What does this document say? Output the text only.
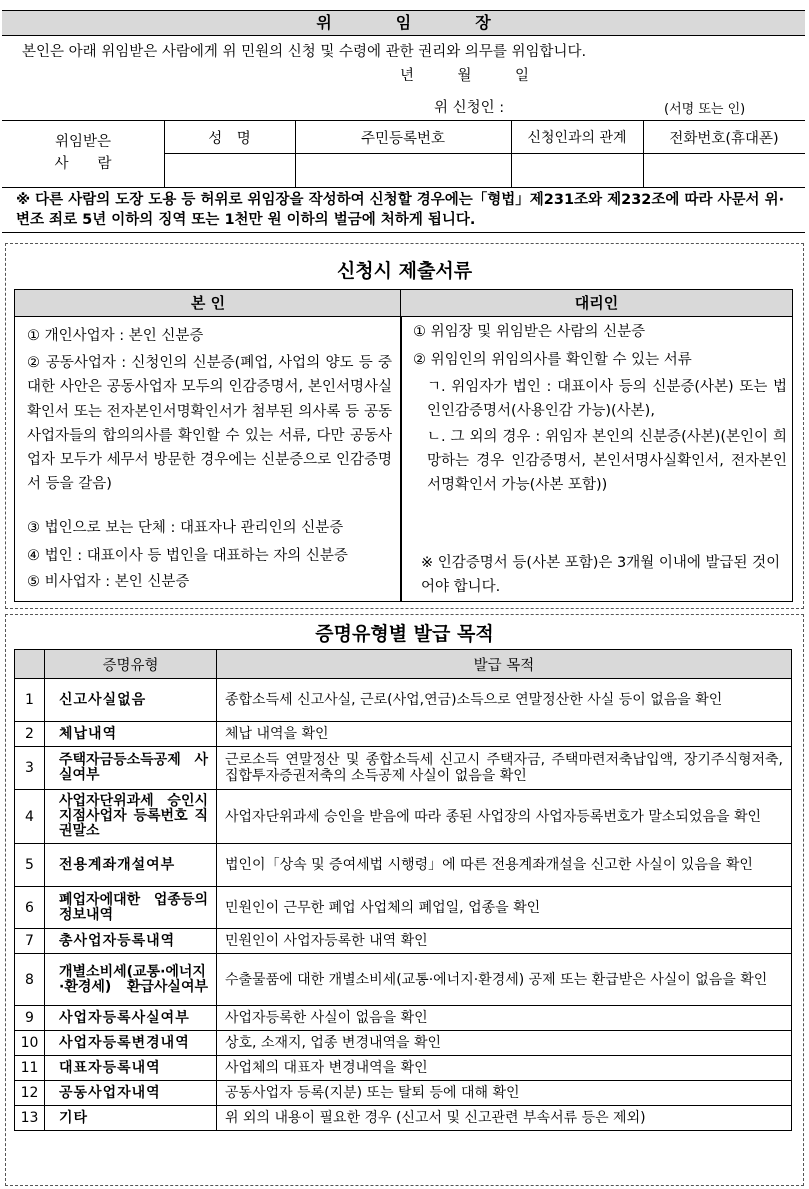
위　　　　임　　　　장
본인은 아래 위임받은 사람에게 위 민원의 신청 및 수령에 관한 권리와 의무를 위임합니다.
년　　　월　　　일
위 신청인 :	(서명 또는 인)
위임받은
사　　람
성　명	주민등록번호	신청인과의 관계	전화번호(휴대폰)
※ 다른 사람의 도장 도용 등 허위로 위임장을 작성하여 신청할 경우에는「형법」제231조와 제232조에 따라 사문서 위·변조 죄로 5년 이하의 징역 또는 1천만 원 이하의 벌금에 처하게 됩니다.
신청시 제출서류
본 인	대리인
① 개인사업자 : 본인 신분증
② 공동사업자 : 신청인의 신분증(폐업, 사업의 양도 등 중대한 사안은 공동사업자 모두의 인감증명서, 본인서명사실확인서 또는 전자본인서명확인서가 첨부된 의사록 등 공동사업자들의 합의의사를 확인할 수 있는 서류, 다만 공동사업자 모두가 세무서 방문한 경우에는 신분증으로 인감증명서 등을 갈음)
③ 법인으로 보는 단체 : 대표자나 관리인의 신분증
④ 법인 : 대표이사 등 법인을 대표하는 자의 신분증
⑤ 비사업자 : 본인 신분증
① 위임장 및 위임받은 사람의 신분증
② 위임인의 위임의사를 확인할 수 있는 서류
ㄱ. 위임자가 법인 : 대표이사 등의 신분증(사본) 또는 법인인감증명서(사용인감 가능)(사본),
ㄴ. 그 외의 경우 : 위임자 본인의 신분증(사본)(본인이 희망하는 경우 인감증명서, 본인서명사실확인서, 전자본인서명확인서 가능(사본 포함))
※ 인감증명서 등(사본 포함)은 3개월 이내에 발급된 것이어야 합니다.
증명유형별 발급 목적
	증명유형	발급 목적
1	신고사실없음	종합소득세 신고사실, 근로(사업,연금)소득으로 연말정산한 사실 등이 없음을 확인
2	체납내역	체납 내역을 확인
3	주택자금등소득공제 사실여부	근로소득 연말정산 및 종합소득세 신고시 주택자금, 주택마련저축납입액, 장기주식형저축, 집합투자증권저축의 소득공제 사실이 없음을 확인
4	사업자단위과세 승인시 지점사업자 등록번호 직권말소	사업자단위과세 승인을 받음에 따라 종된 사업장의 사업자등록번호가 말소되었음을 확인
5	전용계좌개설여부	법인이「상속 및 증여세법 시행령」에 따른 전용계좌개설을 신고한 사실이 있음을 확인
6	폐업자에대한 업종등의 정보내역	민원인이 근무한 폐업 사업체의 폐업일, 업종을 확인
7	총사업자등록내역	민원인이 사업자등록한 내역 확인
8	개별소비세(교통·에너지·환경세) 환급사실여부	수출물품에 대한 개별소비세(교통·에너지·환경세) 공제 또는 환급받은 사실이 없음을 확인
9	사업자등록사실여부	사업자등록한 사실이 없음을 확인
10	사업자등록변경내역	상호, 소재지, 업종 변경내역을 확인
11	대표자등록내역	사업체의 대표자 변경내역을 확인
12	공동사업자내역	공동사업자 등록(지분) 또는 탈퇴 등에 대해 확인
13	기타	위 외의 내용이 필요한 경우 (신고서 및 신고관련 부속서류 등은 제외)
